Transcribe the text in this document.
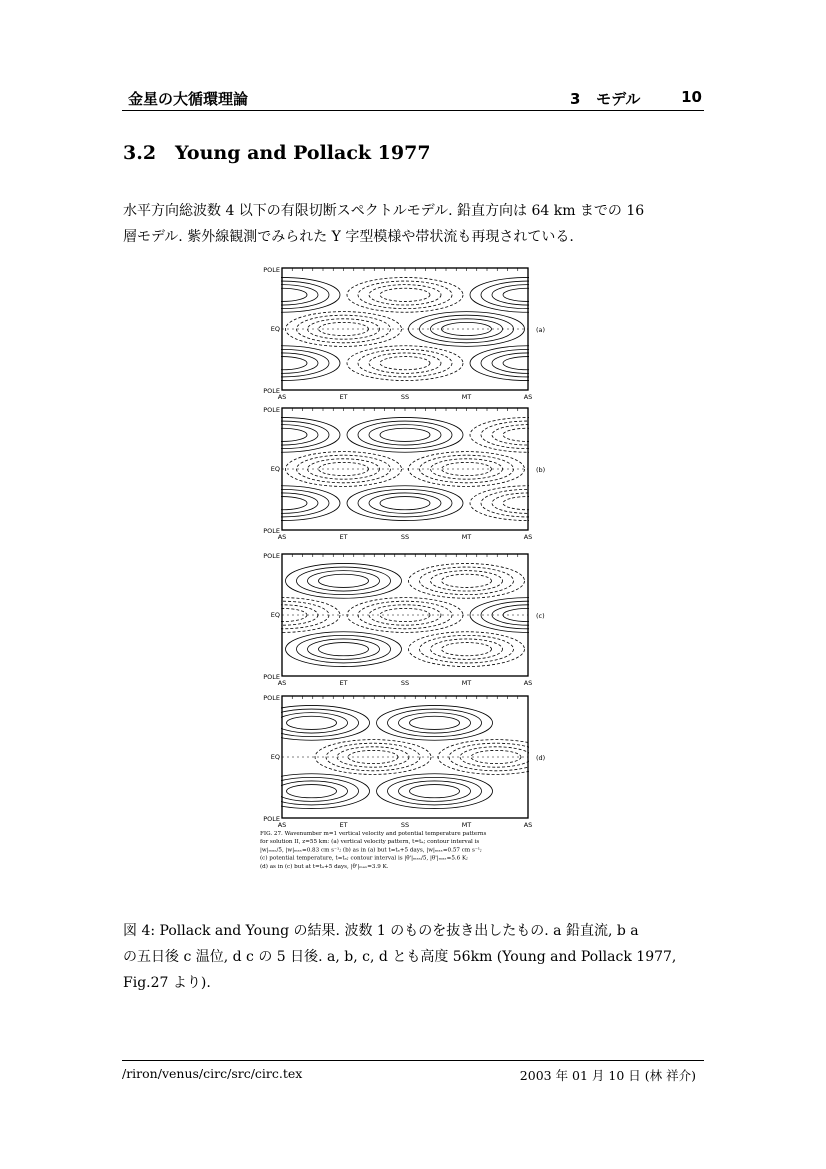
金星の大循環理論	3 モデル	10
3.2 Young and Pollack 1977
水平方向総波数 4 以下の有限切断スペクトルモデル. 鉛直方向は 64 km までの 16
層モデル. 紫外線観測でみられた Y 字型模様や帯状流も再現されている.
POLE
EQ
POLE
AS	ET	SS	MT	AS
(a)
POLE
EQ
POLE
AS	ET	SS	MT	AS
(b)
POLE
EQ
POLE
AS	ET	SS	MT	AS
(c)
POLE
EQ
POLE
AS	ET	SS	MT	AS
(d)
FIG. 27. Wavenumber m=1 vertical velocity and potential temperature patterns
for solution II, z=55 km: (a) vertical velocity pattern, t=tₐ; contour interval is
|w|ₘₐₓ/5, |w|ₘₐₓ=0.83 cm s⁻¹; (b) as in (a) but t=tₐ+5 days, |w|ₘₐₓ=0.57 cm s⁻¹;
(c) potential temperature, t=tₐ; contour interval is |θ'|ₘₐₓ/5, |θ'|ₘₐₓ=5.6 K;
(d) as in (c) but at t=tₐ+5 days, |θ'|ₘₐₓ=3.9 K.
図 4: Pollack and Young の結果. 波数 1 のものを抜き出したもの. a 鉛直流, b a
の五日後 c 温位, d c の 5 日後. a, b, c, d とも高度 56km (Young and Pollack 1977,
Fig.27 より).
/riron/venus/circ/src/circ.tex	2003 年 01 月 10 日 (林 祥介)
